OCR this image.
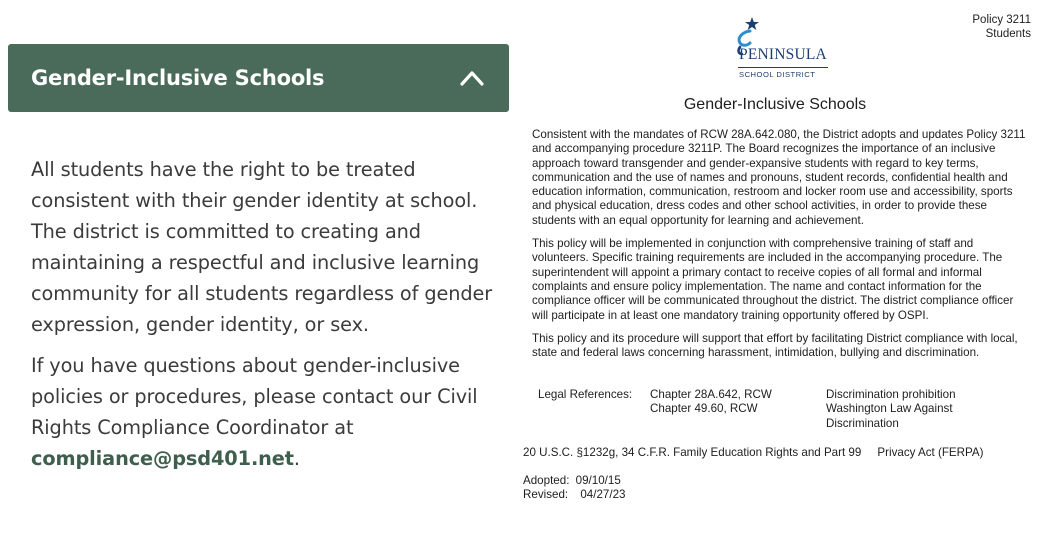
Gender-Inclusive Schools

All students have the right to be treated consistent with their gender identity at school. The district is committed to creating and maintaining a respectful and inclusive learning community for all students regardless of gender expression, gender identity, or sex.

If you have questions about gender-inclusive policies or procedures, please contact our Civil Rights Compliance Coordinator at compliance@psd401.net.

Policy 3211
Students
PENINSULA
SCHOOL DISTRICT
Gender-Inclusive Schools

Consistent with the mandates of RCW 28A.642.080, the District adopts and updates Policy 3211 and accompanying procedure 3211P. The Board recognizes the importance of an inclusive approach toward transgender and gender-expansive students with regard to key terms, communication and the use of names and pronouns, student records, confidential health and education information, communication, restroom and locker room use and accessibility, sports and physical education, dress codes and other school activities, in order to provide these students with an equal opportunity for learning and achievement.

This policy will be implemented in conjunction with comprehensive training of staff and volunteers. Specific training requirements are included in the accompanying procedure. The superintendent will appoint a primary contact to receive copies of all formal and informal complaints and ensure policy implementation. The name and contact information for the compliance officer will be communicated throughout the district. The district compliance officer will participate in at least one mandatory training opportunity offered by OSPI.

This policy and its procedure will support that effort by facilitating District compliance with local, state and federal laws concerning harassment, intimidation, bullying and discrimination.

Legal References: Chapter 28A.642, RCW
Chapter 49.60, RCW
Discrimination prohibition
Washington Law Against
Discrimination
20 U.S.C. §1232g, 34 C.F.R. Family Education Rights and Part 99     Privacy Act (FERPA)
Adopted: 09/10/15
Revised: 04/27/23
